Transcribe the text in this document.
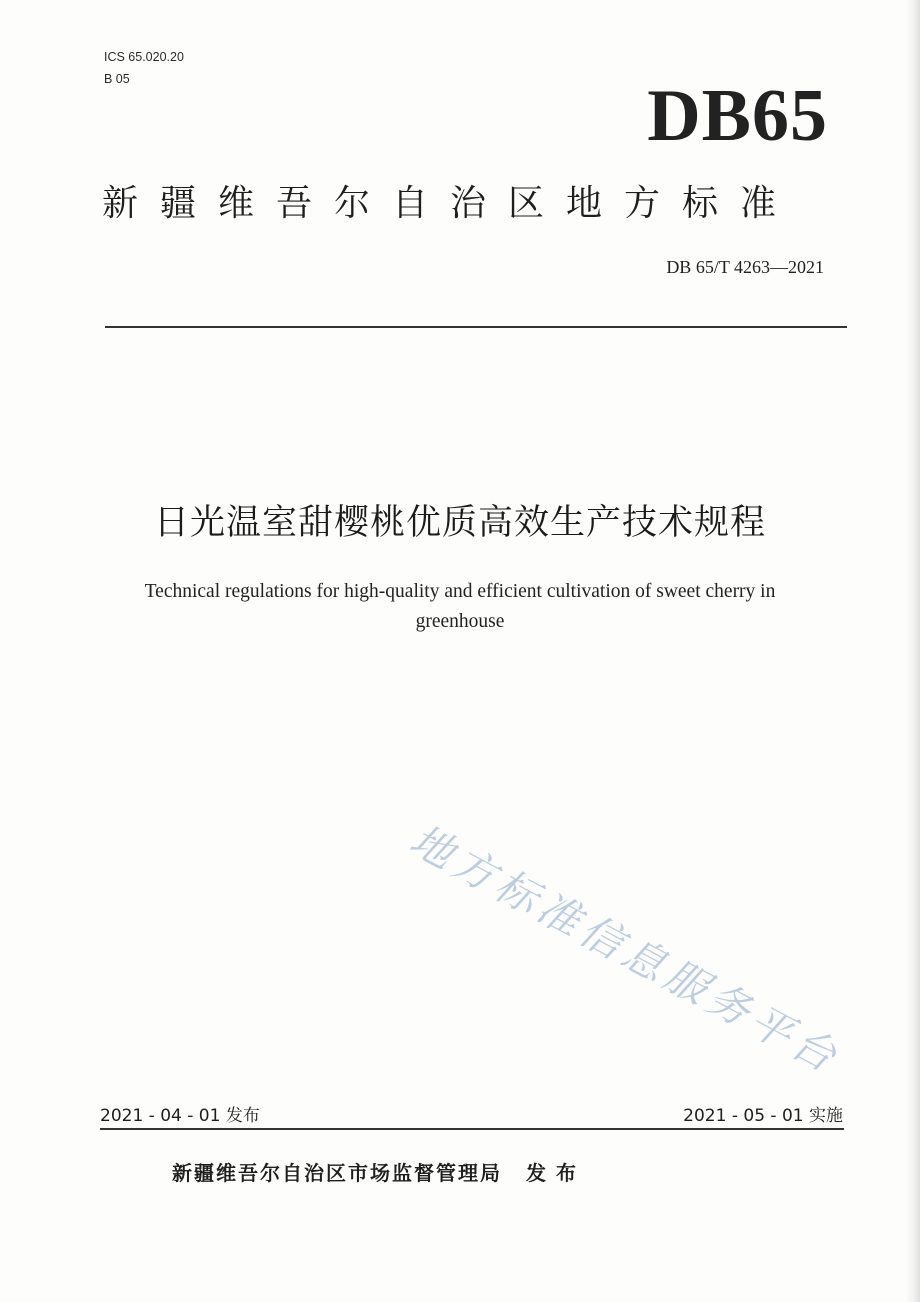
ICS 65.020.20
B 05	DB65
新疆维吾尔自治区地方标准
DB 65/T 4263—2021
日光温室甜樱桃优质高效生产技术规程
Technical regulations for high-quality and efficient cultivation of sweet cherry in
greenhouse
地方标准信息服务平台
2021 - 04 - 01 发布	2021 - 05 - 01 实施
新疆维吾尔自治区市场监督管理局 发布
